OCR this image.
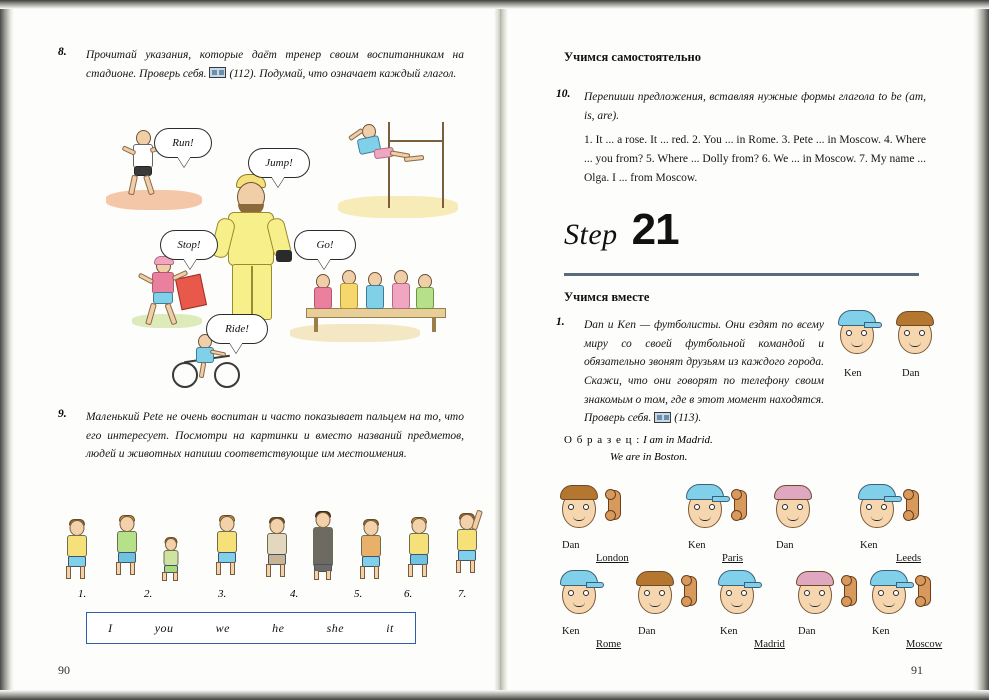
8. Прочитай указания, которые даёт тренер своим воспитанникам на стадионе. Проверь себя. (112). Подумай, что означает каждый глагол.
Run!
Jump!
Stop!	Go!
Ride!
9. Маленький Pete не очень воспитан и часто показывает пальцем на то, что его интересует. Посмотри на картинки и вместо названий предметов, людей и животных напиши соответствующие им местоимения.
1.	2.	3.	4.	5.	6.	7.
I	you	we	he	she	it
90
Учимся самостоятельно
10. Перепиши предложения, вставляя нужные формы глагола to be (am, is, are).
1. It ... a rose. It ... red. 2. You ... in Rome. 3. Pete ... in Moscow. 4. Where ... you from? 5. Where ... Dolly from? 6. We ... in Moscow. 7. My name ... Olga. I ... from Moscow.
Step 21
Учимся вместе
1. Dan и Ken — футболисты. Они ездят по всему миру со своей футбольной командой и обязательно звонят друзьям из каждого города. Скажи, что они говорят по телефону своим знакомым о том, где в этот момент находятся. Проверь себя. (113).
Ken	Dan
О б р а з е ц : I am in Madrid.
We are in Boston.
Dan
London
Ken
Paris
Dan	Ken
Leeds
Ken
Rome
Dan	Ken
Madrid
Dan	Ken
Moscow
91
